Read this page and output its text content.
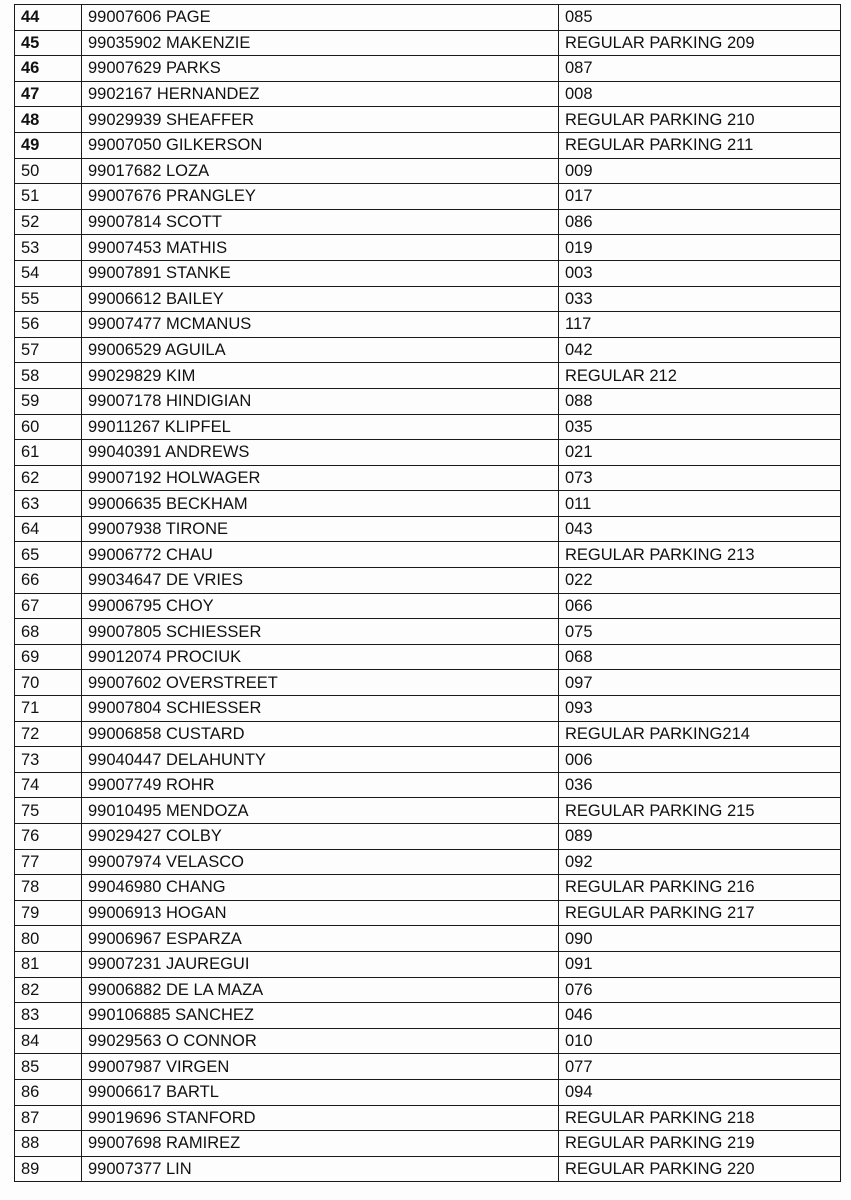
44	99007606 PAGE	085
45	99035902 MAKENZIE	REGULAR PARKING 209
46	99007629 PARKS	087
47	9902167 HERNANDEZ	008
48	99029939 SHEAFFER	REGULAR PARKING 210
49	99007050 GILKERSON	REGULAR PARKING 211
50	99017682 LOZA	009
51	99007676 PRANGLEY	017
52	99007814 SCOTT	086
53	99007453 MATHIS	019
54	99007891 STANKE	003
55	99006612 BAILEY	033
56	99007477 MCMANUS	117
57	99006529 AGUILA	042
58	99029829 KIM	REGULAR 212
59	99007178 HINDIGIAN	088
60	99011267 KLIPFEL	035
61	99040391 ANDREWS	021
62	99007192 HOLWAGER	073
63	99006635 BECKHAM	011
64	99007938 TIRONE	043
65	99006772 CHAU	REGULAR PARKING 213
66	99034647 DE VRIES	022
67	99006795 CHOY	066
68	99007805 SCHIESSER	075
69	99012074 PROCIUK	068
70	99007602 OVERSTREET	097
71	99007804 SCHIESSER	093
72	99006858 CUSTARD	REGULAR PARKING214
73	99040447 DELAHUNTY	006
74	99007749 ROHR	036
75	99010495 MENDOZA	REGULAR PARKING 215
76	99029427 COLBY	089
77	99007974 VELASCO	092
78	99046980 CHANG	REGULAR PARKING 216
79	99006913 HOGAN	REGULAR PARKING 217
80	99006967 ESPARZA	090
81	99007231 JAUREGUI	091
82	99006882 DE LA MAZA	076
83	990106885 SANCHEZ	046
84	99029563 O CONNOR	010
85	99007987 VIRGEN	077
86	99006617 BARTL	094
87	99019696 STANFORD	REGULAR PARKING 218
88	99007698 RAMIREZ	REGULAR PARKING 219
89	99007377 LIN	REGULAR PARKING 220
